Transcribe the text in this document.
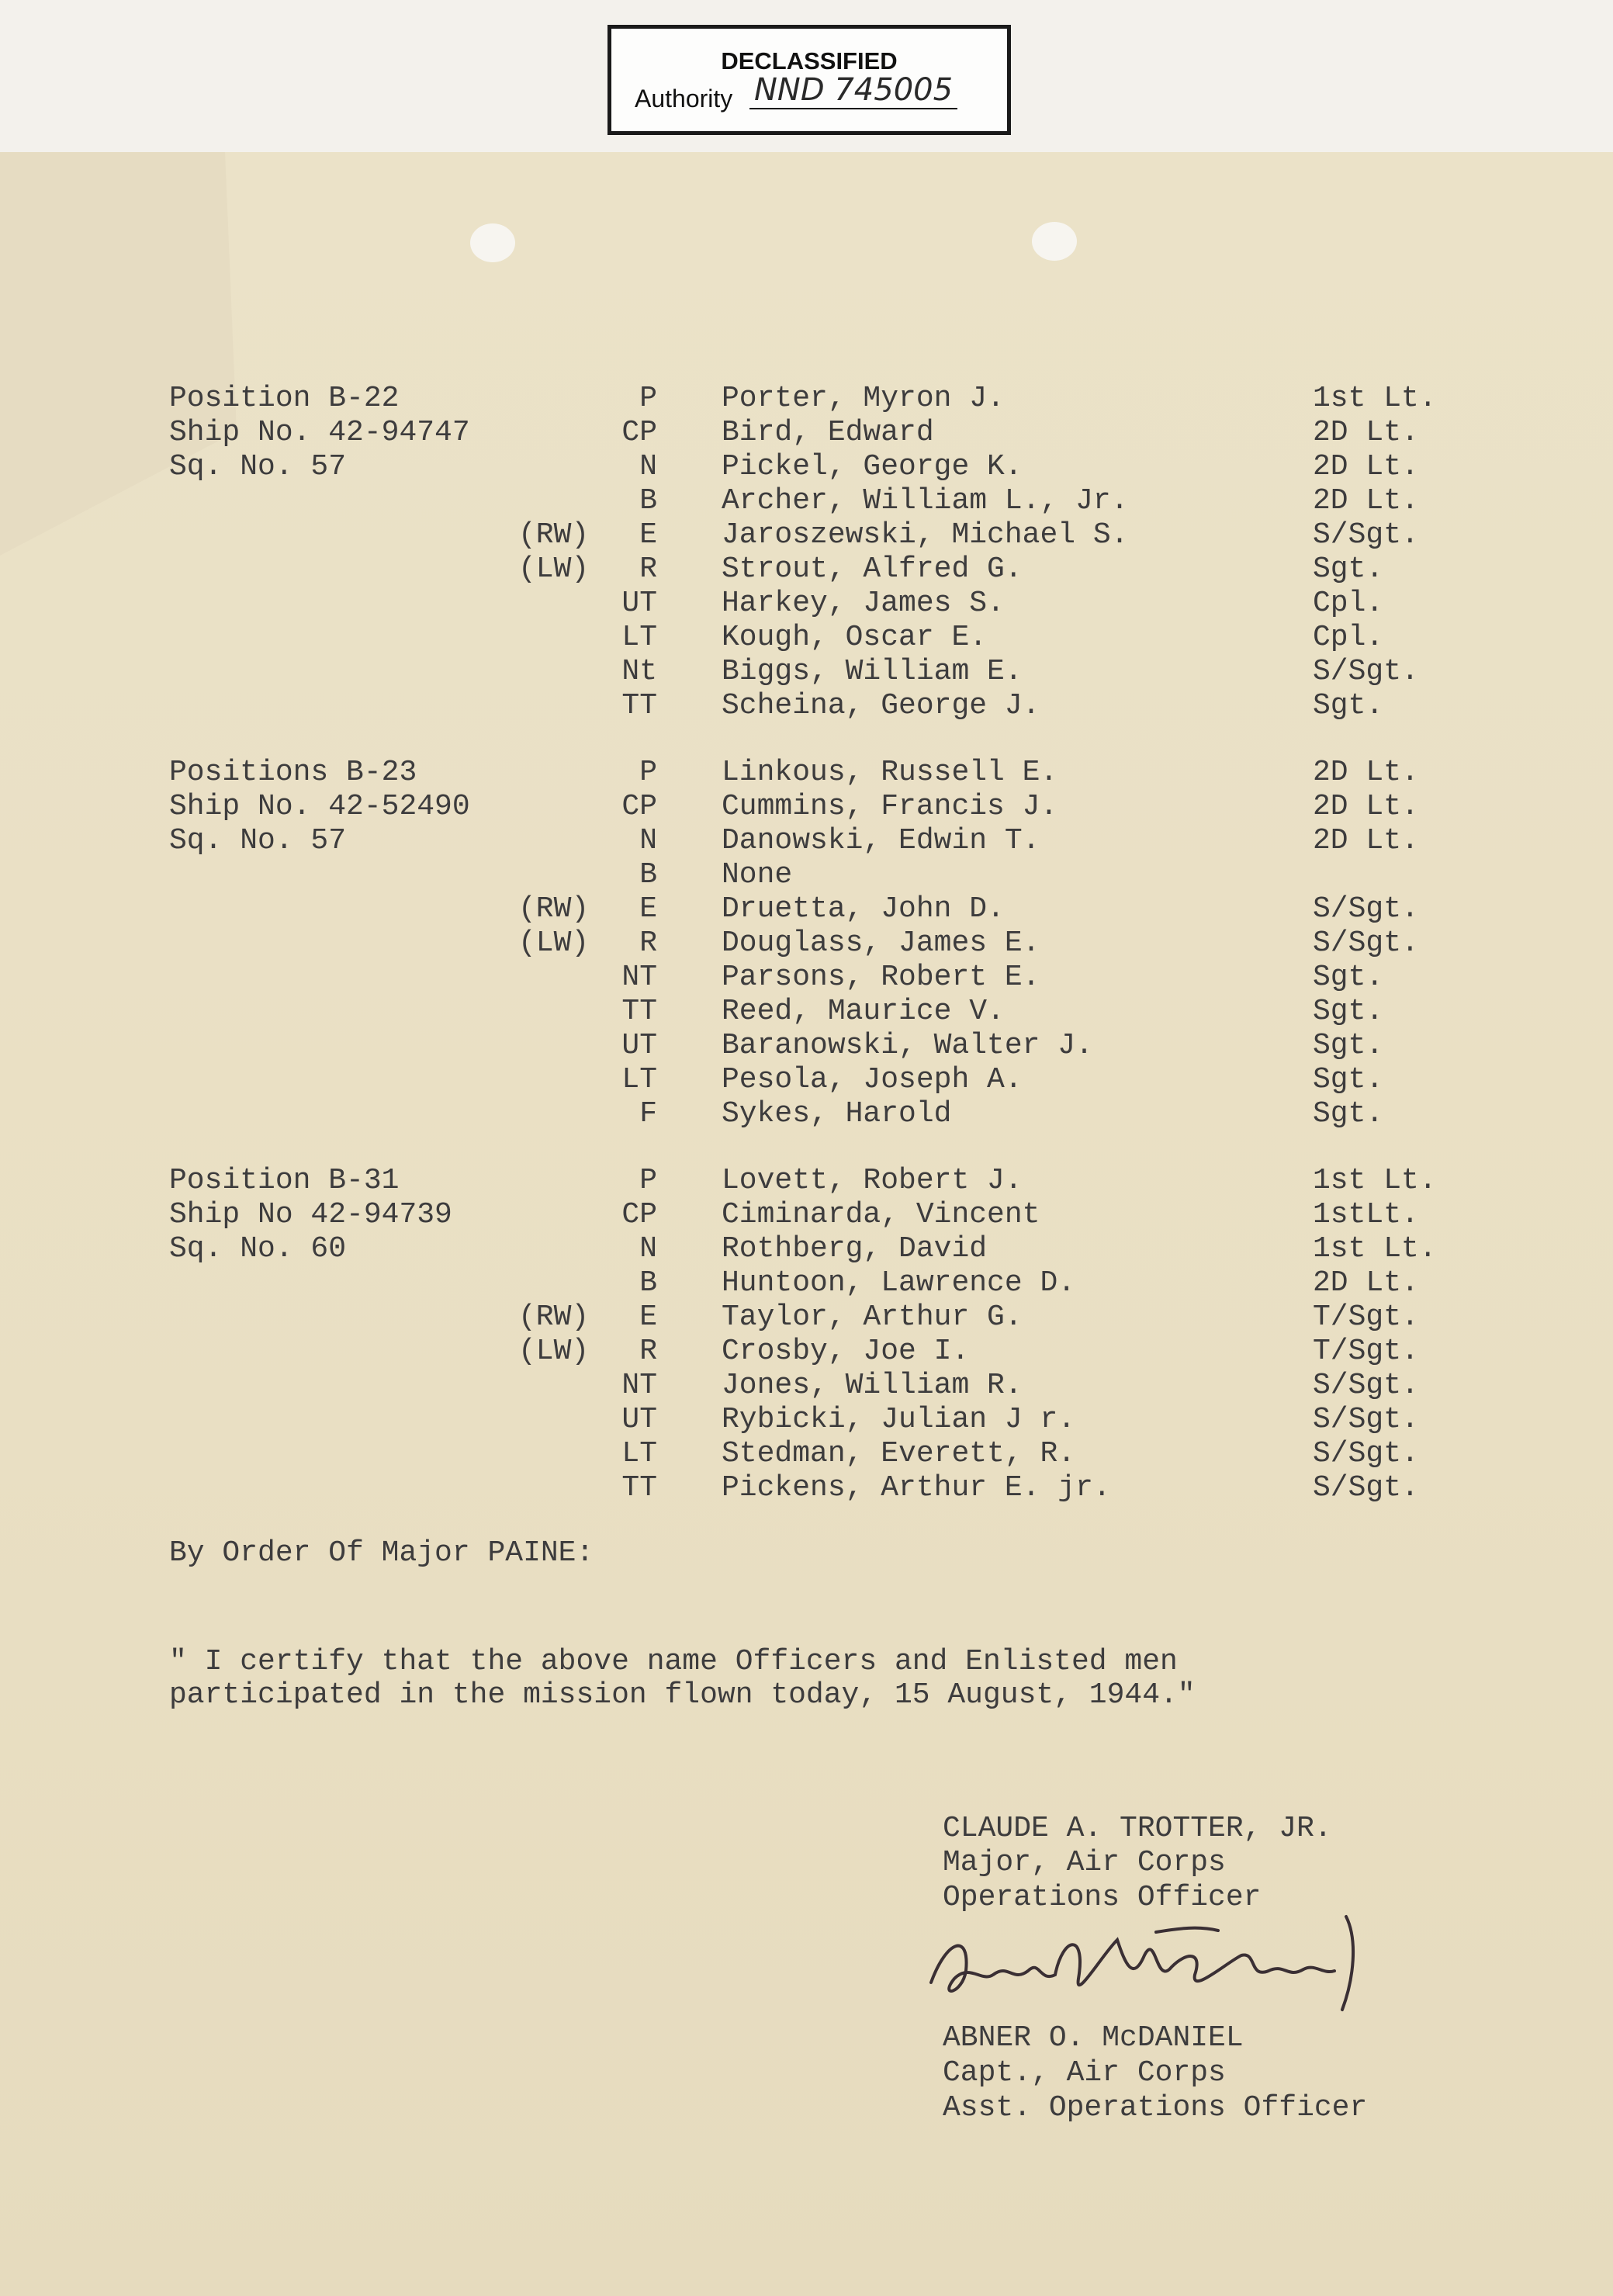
DECLASSIFIED
Authority NND 745005
Position B-22
Ship No. 42-94747
Sq. No. 57
P Porter, Myron J.	1st Lt.
CP Bird, Edward	2D Lt.
N Pickel, George K.	2D Lt.
B Archer, William L., Jr.	2D Lt.
(RW) E Jaroszewski, Michael S.	S/Sgt.
(LW) R Strout, Alfred G.	Sgt.
UT Harkey, James S.	Cpl.
LT Kough, Oscar E.	Cpl.
Nt Biggs, William E.	S/Sgt.
TT Scheina, George J.	Sgt.
Positions B-23
Ship No. 42-52490
Sq. No. 57
P Linkous, Russell E.	2D Lt.
CP Cummins, Francis J.	2D Lt.
N Danowski, Edwin T.	2D Lt.
B None
(RW) E Druetta, John D.	S/Sgt.
(LW) R Douglass, James E.	S/Sgt.
NT Parsons, Robert E.	Sgt.
TT Reed, Maurice V.	Sgt.
UT Baranowski, Walter J.	Sgt.
LT Pesola, Joseph A.	Sgt.
F Sykes, Harold	Sgt.
Position B-31
Ship No 42-94739
Sq. No. 60
P Lovett, Robert J.	1st Lt.
CP Ciminarda, Vincent	1stLt.
N Rothberg, David	1st Lt.
B Huntoon, Lawrence D.	2D Lt.
(RW) E Taylor, Arthur G.	T/Sgt.
(LW) R Crosby, Joe I.	T/Sgt.
NT Jones, William R.	S/Sgt.
UT Rybicki, Julian J r.	S/Sgt.
LT Stedman, Everett, R.	S/Sgt.
TT Pickens, Arthur E. jr.	S/Sgt.
By Order Of Major PAINE:
" I certify that the above name Officers and Enlisted men
participated in the mission flown today, 15 August, 1944."
CLAUDE A. TROTTER, JR.
Major, Air Corps
Operations Officer
ABNER O. McDANIEL
Capt., Air Corps
Asst. Operations Officer
